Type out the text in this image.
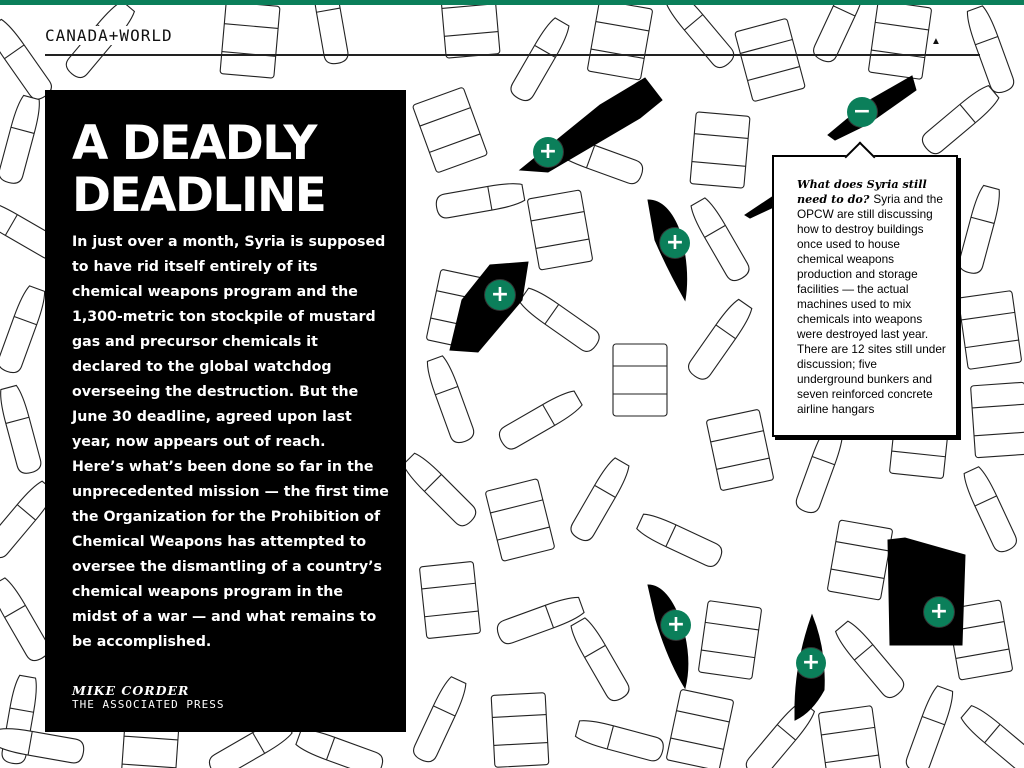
CANADA+WORLD	▲
A DEADLY
DEADLINE

In just over a month, Syria is supposed to have rid itself entirely of its chemical weapons program and the 1,300-metric ton stockpile of mustard gas and precursor chemicals it declared to the global watchdog overseeing the destruction. But the June 30 deadline, agreed upon last year, now appears out of reach.

Here’s what’s been done so far in the unprecedented mission — the first time the Organization for the Prohibition of Chemical Weapons has attempted to oversee the dismantling of a country’s chemical weapons program in the midst of a war — and what remains to be accomplished.

MIKE CORDER
THE ASSOCIATED PRESS
+
+
+
−
+
+
+
What does Syria still need to do? Syria and the OPCW are still discussing how to destroy buildings once used to house chemical weapons production and storage facilities — the actual machines used to mix chemicals into weapons were destroyed last year. There are 12 sites still under discussion; five underground bunkers and seven reinforced concrete airline hangars
